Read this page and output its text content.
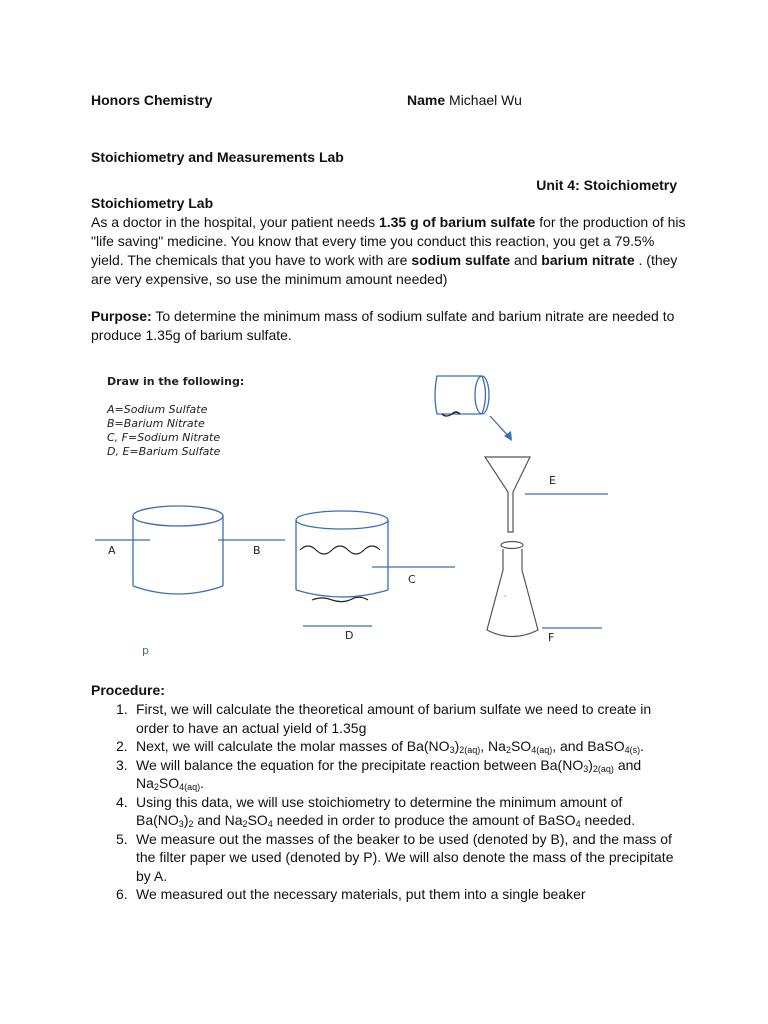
Honors Chemistry	Name Michael Wu
Stoichiometry and Measurements Lab
Unit 4: Stoichiometry
Stoichiometry Lab
As a doctor in the hospital, your patient needs 1.35 g of barium sulfate for the production of his "life saving" medicine. You know that every time you conduct this reaction, you get a 79.5% yield. The chemicals that you have to work with are sodium sulfate and barium nitrate . (they are very expensive, so use the minimum amount needed)
Purpose: To determine the minimum mass of sodium sulfate and barium nitrate are needed to produce 1.35g of barium sulfate.
Draw in the following:
A=Sodium Sulfate
B=Barium Nitrate
C, F=Sodium Nitrate
D, E=Barium Sulfate
A	B
p
C
D
E
~
F
Procedure:
1. First, we will calculate the theoretical amount of barium sulfate we need to create in order to have an actual yield of 1.35g
2. Next, we will calculate the molar masses of $Ba(NO_3)_{2(aq)}$, $Na_2SO_{4(aq)}$, and BaSO$_{4(s)}$.
3. We will balance the equation for the precipitate reaction between $Ba(NO_3)_{2(aq)}$ and $Na_2SO_{4(aq)}$.
4. Using this data, we will use stoichiometry to determine the minimum amount of $Ba(NO_3)_2$ and $Na_2SO_4$ needed in order to produce the amount of BaSO$_4$ needed.
5. We measure out the masses of the beaker to be used (denoted by B), and the mass of the filter paper we used (denoted by P). We will also denote the mass of the precipitate by A.
6. We measured out the necessary materials, put them into a single beaker
